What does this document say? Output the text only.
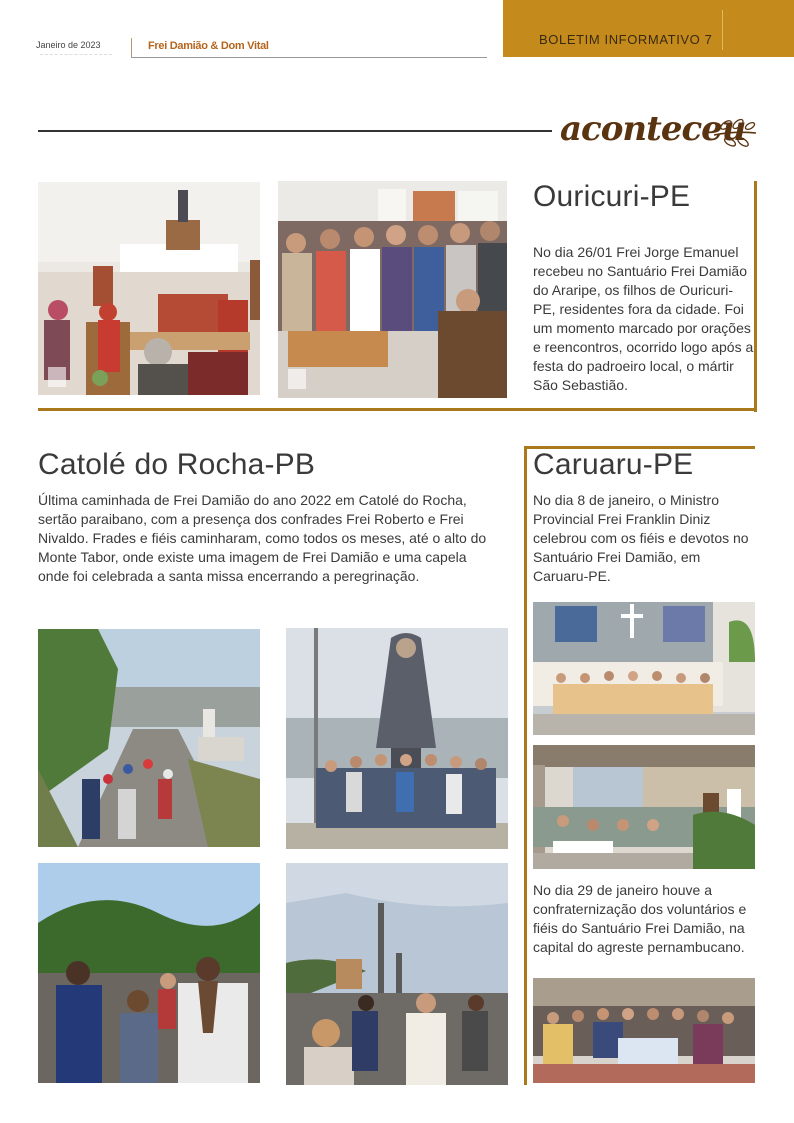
Janeiro de 2023	Frei Damião & Dom Vital	BOLETIM INFORMATIVO 7
aconteceu
Ouricuri-PE
No dia 26/01 Frei Jorge Emanuel recebeu no Santuário Frei Damião do Araripe, os filhos de Ouricuri-PE, residentes fora da cidade. Foi um momento marcado por orações e reencontros, ocorrido logo após a festa do padroeiro local, o mártir São Sebastião.
Catolé do Rocha-PB
Última caminhada de Frei Damião do ano 2022 em Catolé do Rocha, sertão paraibano, com a presença dos confrades Frei Roberto e Frei Nivaldo. Frades e fiéis caminharam, como todos os meses, até o alto do Monte Tabor, onde existe uma imagem de Frei Damião e uma capela onde foi celebrada a santa missa encerrando a peregrinação.
Caruaru-PE
No dia 8 de janeiro, o Ministro Provincial Frei Franklin Diniz celebrou com os fiéis e devotos no Santuário Frei Damião, em Caruaru-PE.
No dia 29 de janeiro houve a confraternização dos voluntários e fiéis do Santuário Frei Damião, na capital do agreste pernambucano.
